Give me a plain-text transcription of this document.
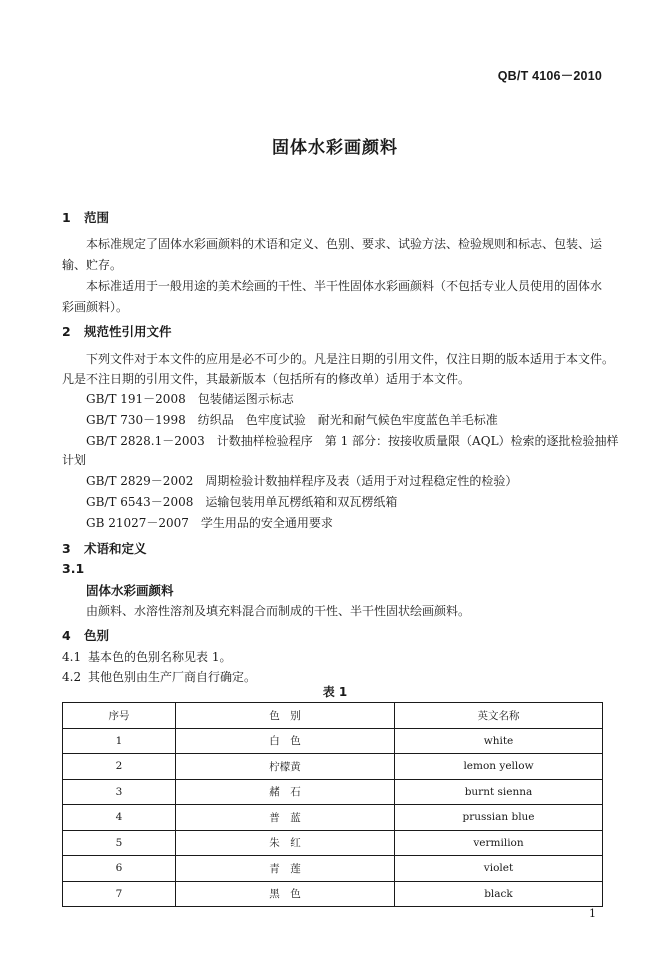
QB/T 4106－2010
固体水彩画颜料
1 范围
本标准规定了固体水彩画颜料的术语和定义、色别、要求、试验方法、检验规则和标志、包装、运
输、贮存。
本标准适用于一般用途的美术绘画的干性、半干性固体水彩画颜料（不包括专业人员使用的固体水
彩画颜料）。
2 规范性引用文件
下列文件对于本文件的应用是必不可少的。凡是注日期的引用文件，仅注日期的版本适用于本文件。
凡是不注日期的引用文件，其最新版本（包括所有的修改单）适用于本文件。
GB/T 191－2008　包装储运图示标志
GB/T 730－1998　纺织品　色牢度试验　耐光和耐气候色牢度蓝色羊毛标准
GB/T 2828.1－2003　计数抽样检验程序　第 1 部分：按接收质量限（AQL）检索的逐批检验抽样
计划
GB/T 2829－2002　周期检验计数抽样程序及表（适用于对过程稳定性的检验）
GB/T 6543－2008　运输包装用单瓦楞纸箱和双瓦楞纸箱
GB 21027－2007　学生用品的安全通用要求
3 术语和定义
3.1
固体水彩画颜料
由颜料、水溶性溶剂及填充料混合而制成的干性、半干性固状绘画颜料。
4 色别
4.1 基本色的色别名称见表 1。
4.2 其他色别由生产厂商自行确定。
表 1
序号	色　别	英文名称
1	白　色	white
2	柠檬黄	lemon yellow
3	赭　石	burnt sienna
4	普　蓝	prussian blue
5	朱　红	vermilion
6	青　莲	violet
7	黑　色	black
1
